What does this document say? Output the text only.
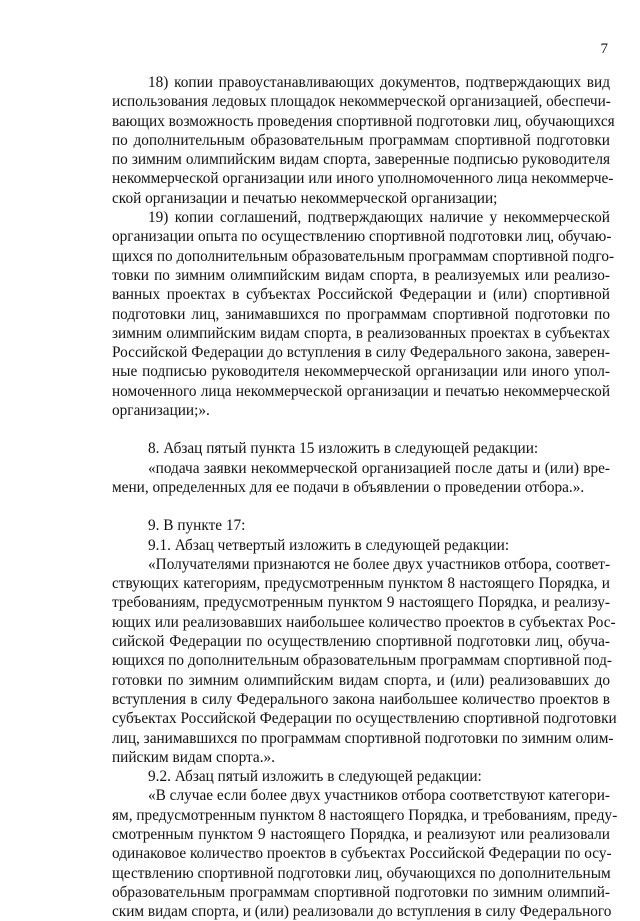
7
18) копии правоустанавливающих документов, подтверждающих вид
использования ледовых площадок некоммерческой организацией, обеспечи-
вающих возможность проведения спортивной подготовки лиц, обучающихся
по дополнительным образовательным программам спортивной подготовки
по зимним олимпийским видам спорта, заверенные подписью руководителя
некоммерческой организации или иного уполномоченного лица некоммерче-
ской организации и печатью некоммерческой организации;
19) копии соглашений, подтверждающих наличие у некоммерческой
организации опыта по осуществлению спортивной подготовки лиц, обучаю-
щихся по дополнительным образовательным программам спортивной подго-
товки по зимним олимпийским видам спорта, в реализуемых или реализо-
ванных проектах в субъектах Российской Федерации и (или) спортивной
подготовки лиц, занимавшихся по программам спортивной подготовки по
зимним олимпийским видам спорта, в реализованных проектах в субъектах
Российской Федерации до вступления в силу Федерального закона, заверен-
ные подписью руководителя некоммерческой организации или иного упол-
номоченного лица некоммерческой организации и печатью некоммерческой
организации;».
8. Абзац пятый пункта 15 изложить в следующей редакции:
«подача заявки некоммерческой организацией после даты и (или) вре-
мени, определенных для ее подачи в объявлении о проведении отбора.».
9. В пункте 17:
9.1. Абзац четвертый изложить в следующей редакции:
«Получателями признаются не более двух участников отбора, соответ-
ствующих категориям, предусмотренным пунктом 8 настоящего Порядка, и
требованиям, предусмотренным пунктом 9 настоящего Порядка, и реализу-
ющих или реализовавших наибольшее количество проектов в субъектах Рос-
сийской Федерации по осуществлению спортивной подготовки лиц, обуча-
ющихся по дополнительным образовательным программам спортивной под-
готовки по зимним олимпийским видам спорта, и (или) реализовавших до
вступления в силу Федерального закона наибольшее количество проектов в
субъектах Российской Федерации по осуществлению спортивной подготовки
лиц, занимавшихся по программам спортивной подготовки по зимним олим-
пийским видам спорта.».
9.2. Абзац пятый изложить в следующей редакции:
«В случае если более двух участников отбора соответствуют категори-
ям, предусмотренным пунктом 8 настоящего Порядка, и требованиям, преду-
смотренным пунктом 9 настоящего Порядка, и реализуют или реализовали
одинаковое количество проектов в субъектах Российской Федерации по осу-
ществлению спортивной подготовки лиц, обучающихся по дополнительным
образовательным программам спортивной подготовки по зимним олимпий-
ским видам спорта, и (или) реализовали до вступления в силу Федерального
